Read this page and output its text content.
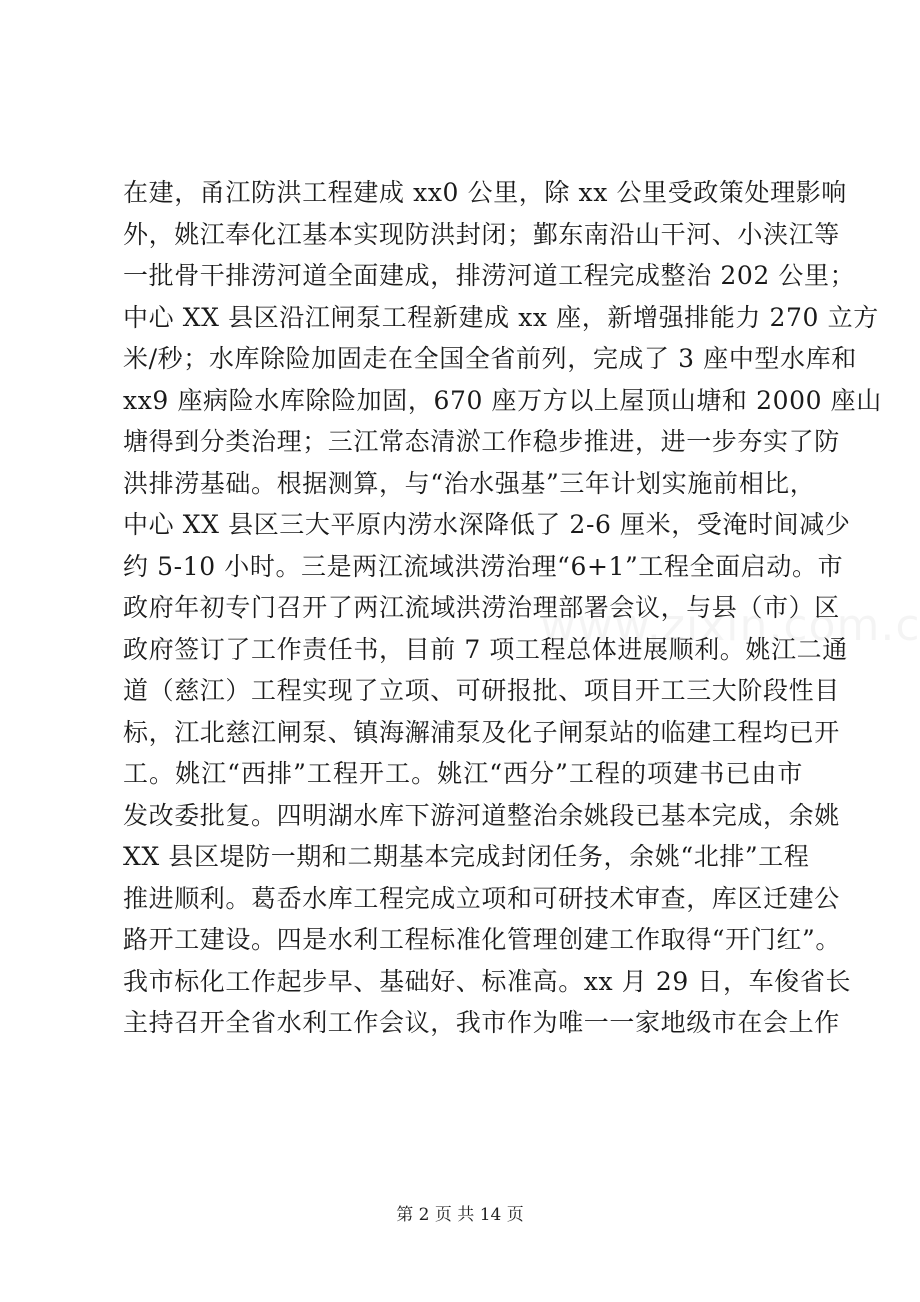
在建，甬江防洪工程建成 xx0 公里，除 xx 公里受政策处理影响
外，姚江奉化江基本实现防洪封闭；鄞东南沿山干河、小浃江等
一批骨干排涝河道全面建成，排涝河道工程完成整治 202 公里；
中心 XX 县区沿江闸泵工程新建成 xx 座，新增强排能力 270 立方
米/秒；水库除险加固走在全国全省前列，完成了 3 座中型水库和
xx9 座病险水库除险加固，670 座万方以上屋顶山塘和 2000 座山
塘得到分类治理；三江常态清淤工作稳步推进，进一步夯实了防
洪排涝基础。根据测算，与“治水强基”三年计划实施前相比，
中心 XX 县区三大平原内涝水深降低了 2-6 厘米，受淹时间减少
约 5-10 小时。三是两江流域洪涝治理“6+1”工程全面启动。市
政府年初专门召开了两江流域洪涝治理部署会议，与县（市）区
政府签订了工作责任书，目前 7 项工程总体进展顺利。姚江二通
道（慈江）工程实现了立项、可研报批、项目开工三大阶段性目
标，江北慈江闸泵、镇海澥浦泵及化子闸泵站的临建工程均已开
工。姚江“西排”工程开工。姚江“西分”工程的项建书已由市
发改委批复。四明湖水库下游河道整治余姚段已基本完成，余姚
XX 县区堤防一期和二期基本完成封闭任务，余姚“北排”工程
推进顺利。葛岙水库工程完成立项和可研技术审查，库区迁建公
路开工建设。四是水利工程标准化管理创建工作取得“开门红”。
我市标化工作起步早、基础好、标准高。xx 月 29 日，车俊省长
主持召开全省水利工作会议，我市作为唯一一家地级市在会上作
第 2 页 共 14 页
